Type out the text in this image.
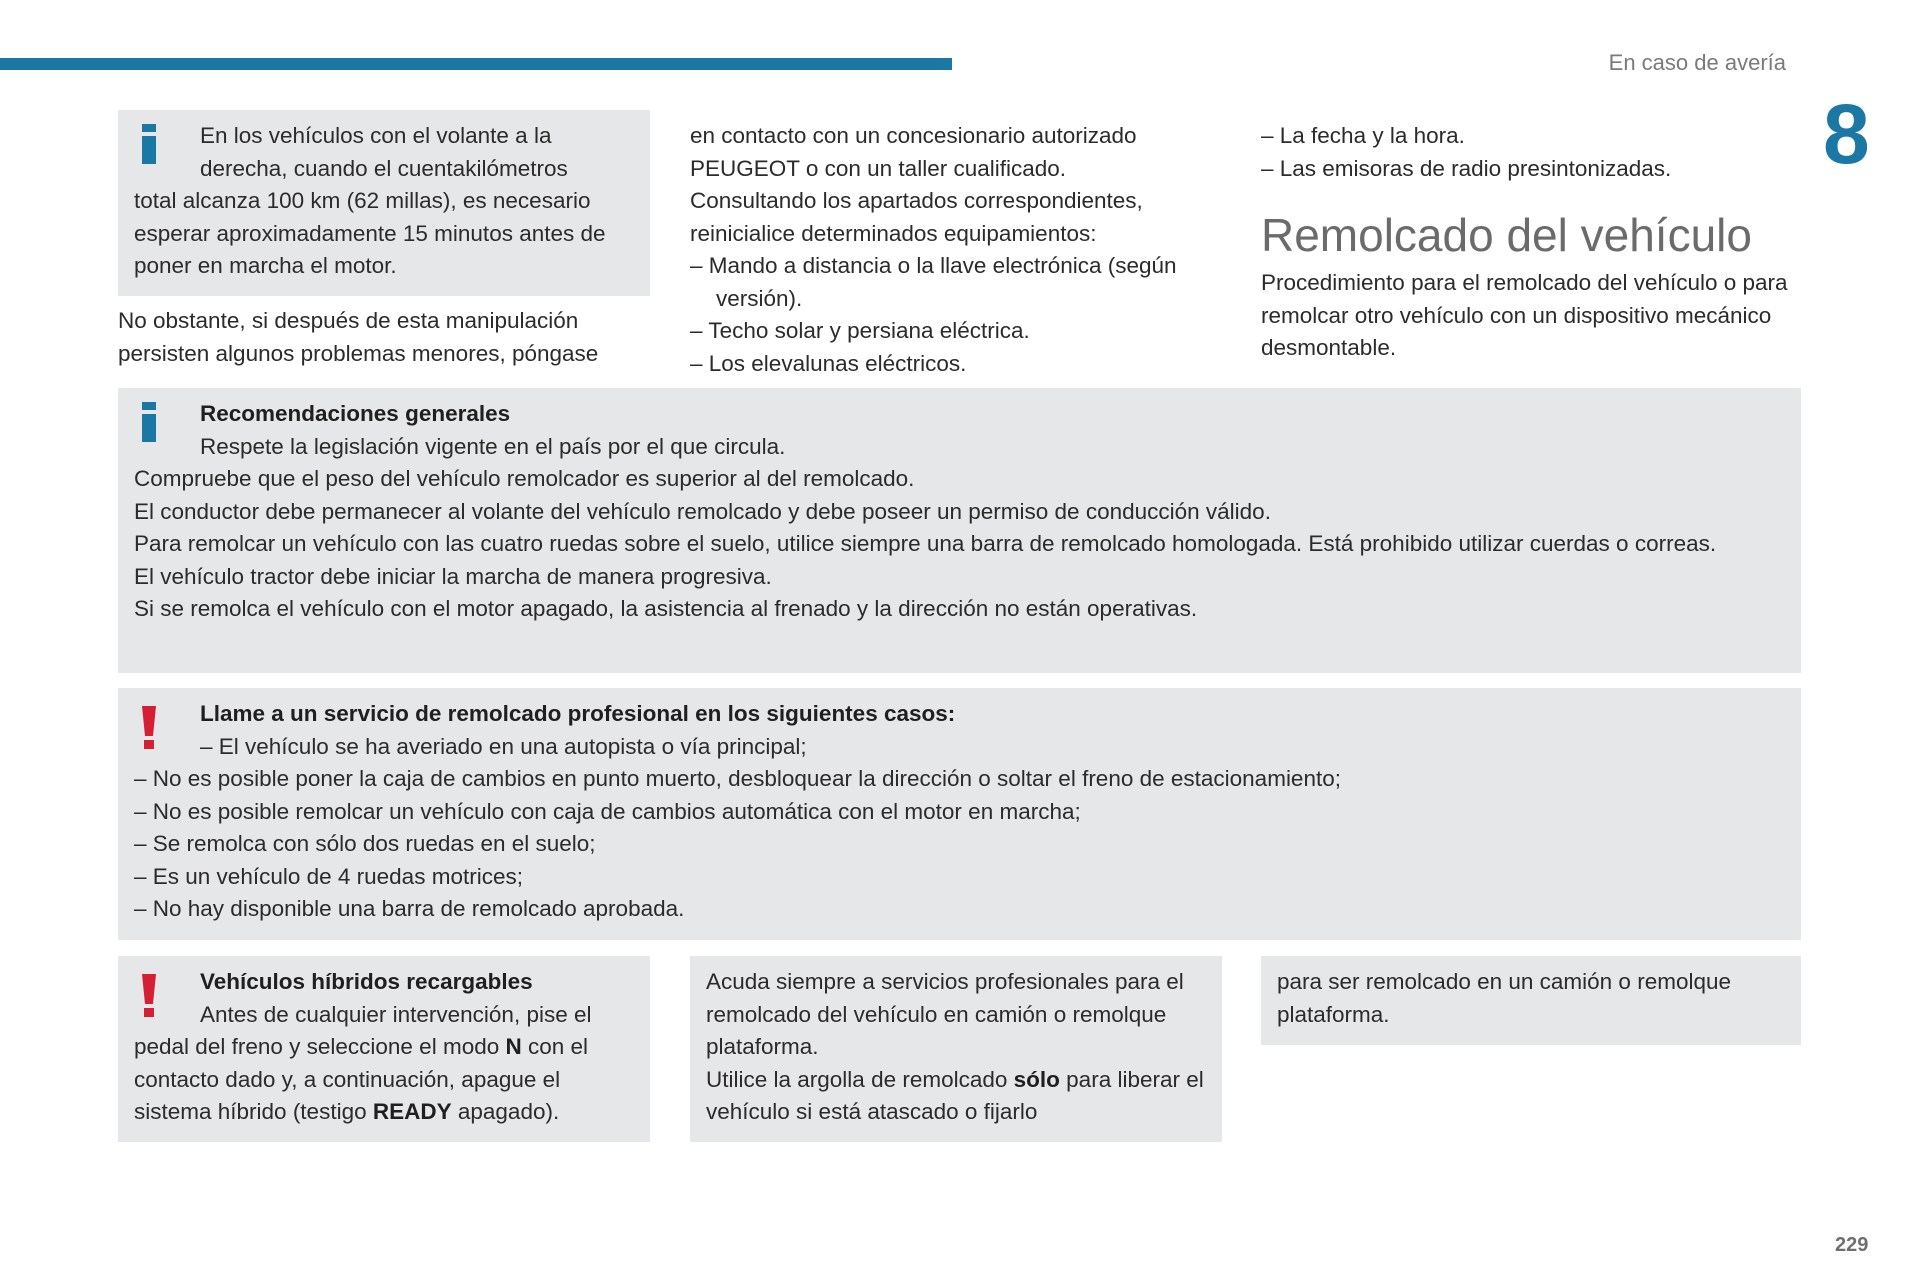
En caso de avería
8

En los vehículos con el volante a la

derecha, cuando el cuentakilómetros

total alcanza 100 km (62 millas), es necesario esperar aproximadamente 15 minutos antes de poner en marcha el motor.

No obstante, si después de esta manipulación persisten algunos problemas menores, póngase

en contacto con un concesionario autorizado PEUGEOT o con un taller cualificado.

Consultando los apartados correspondientes, reinicialice determinados equipamientos:

– Mando a distancia o la llave electrónica (según versión).

– Techo solar y persiana eléctrica.

– Los elevalunas eléctricos.

– La fecha y la hora.

– Las emisoras de radio presintonizadas.

Remolcado del vehículo

Procedimiento para el remolcado del vehículo o para remolcar otro vehículo con un dispositivo mecánico desmontable.

Recomendaciones generales

Respete la legislación vigente en el país por el que circula.

Compruebe que el peso del vehículo remolcador es superior al del remolcado.

El conductor debe permanecer al volante del vehículo remolcado y debe poseer un permiso de conducción válido.

Para remolcar un vehículo con las cuatro ruedas sobre el suelo, utilice siempre una barra de remolcado homologada. Está prohibido utilizar cuerdas o correas.

El vehículo tractor debe iniciar la marcha de manera progresiva.

Si se remolca el vehículo con el motor apagado, la asistencia al frenado y la dirección no están operativas.

Llame a un servicio de remolcado profesional en los siguientes casos:

– El vehículo se ha averiado en una autopista o vía principal;

– No es posible poner la caja de cambios en punto muerto, desbloquear la dirección o soltar el freno de estacionamiento;

– No es posible remolcar un vehículo con caja de cambios automática con el motor en marcha;

– Se remolca con sólo dos ruedas en el suelo;

– Es un vehículo de 4 ruedas motrices;

– No hay disponible una barra de remolcado aprobada.

Vehículos híbridos recargables

Antes de cualquier intervención, pise el pedal del freno y seleccione el modo N con el contacto dado y, a continuación, apague el sistema híbrido (testigo READY apagado).

Acuda siempre a servicios profesionales para el remolcado del vehículo en camión o remolque plataforma.

Utilice la argolla de remolcado sólo para liberar el vehículo si está atascado o fijarlo

para ser remolcado en un camión o remolque plataforma.

229
